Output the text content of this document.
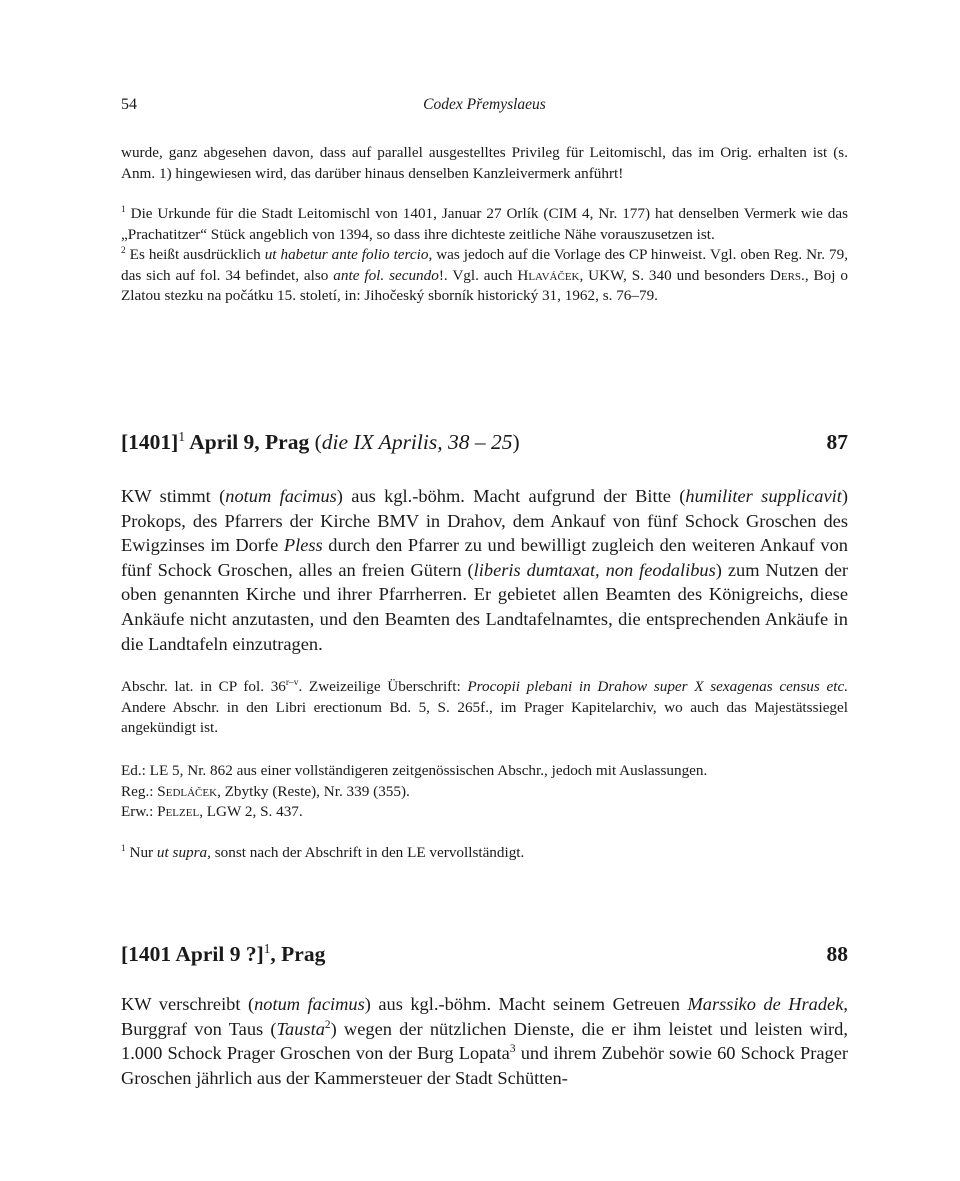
54	Codex Přemyslaeus

wurde, ganz abgesehen davon, dass auf parallel ausgestelltes Privileg für Leitomischl, das im Orig. erhalten ist (s. Anm. 1) hingewiesen wird, das darüber hinaus denselben Kanzleivermerk anführt!

$^1$ Die Urkunde für die Stadt Leitomischl von 1401, Januar 27 Orlík (CIM 4, Nr. 177) hat denselben Vermerk wie das „Prachatitzer“ Stück angeblich von 1394, so dass ihre dichteste zeitliche Nähe vorauszusetzen ist.

$^2$ Es heißt ausdrücklich ut habetur ante folio tercio, was jedoch auf die Vorlage des CP hinweist. Vgl. oben Reg. Nr. 79, das sich auf fol. 34 befindet, also ante fol. secundo!. Vgl. auch Hlaváček, UKW, S. 340 und besonders Ders., Boj o Zlatou stezku na počátku 15. století, in: Jihočeský sborník historický 31, 1962, s. 76–79.

$[1401]^1$ April 9, Prag (die IX Aprilis, 38 – 25)	87

KW stimmt (notum facimus) aus kgl.-böhm. Macht aufgrund der Bitte (humiliter supplicavit) Prokops, des Pfarrers der Kirche BMV in Drahov, dem Ankauf von fünf Schock Groschen des Ewigzinses im Dorfe Pless durch den Pfarrer zu und bewilligt zugleich den weiteren Ankauf von fünf Schock Groschen, alles an freien Gütern (liberis dumtaxat, non feodalibus) zum Nutzen der oben genannten Kirche und ihrer Pfarrherren. Er gebietet allen Beamten des Königreichs, diese Ankäufe nicht anzutasten, und den Beamten des Landtafelnamtes, die entsprechenden Ankäufe in die Landtafeln einzutragen.

Abschr. lat. in CP fol. 36$^{r-v}$. Zweizeilige Überschrift: Procopii plebani in Drahow super X sexagenas census etc. Andere Abschr. in den Libri erectionum Bd. 5, S. 265f., im Prager Kapitelarchiv, wo auch das Majestätssiegel angekündigt ist.

Ed.: LE 5, Nr. 862 aus einer vollständigeren zeitgenössischen Abschr., jedoch mit Auslassungen.

Reg.: Sedláček, Zbytky (Reste), Nr. 339 (355).

Erw.: Pelzel, LGW 2, S. 437.

$^1$ Nur ut supra, sonst nach der Abschrift in den LE vervollständigt.

[1401 April 9 ?]$^1$, Prag	88

KW verschreibt (notum facimus) aus kgl.-böhm. Macht seinem Getreuen Marssiko de Hradek, Burggraf von Taus (Tausta$^2$) wegen der nützlichen Dienste, die er ihm leistet und leisten wird, 1.000 Schock Prager Groschen von der Burg Lopata$^3$ und ihrem Zubehör sowie 60 Schock Prager Groschen jährlich aus der Kammersteuer der Stadt Schütten-
